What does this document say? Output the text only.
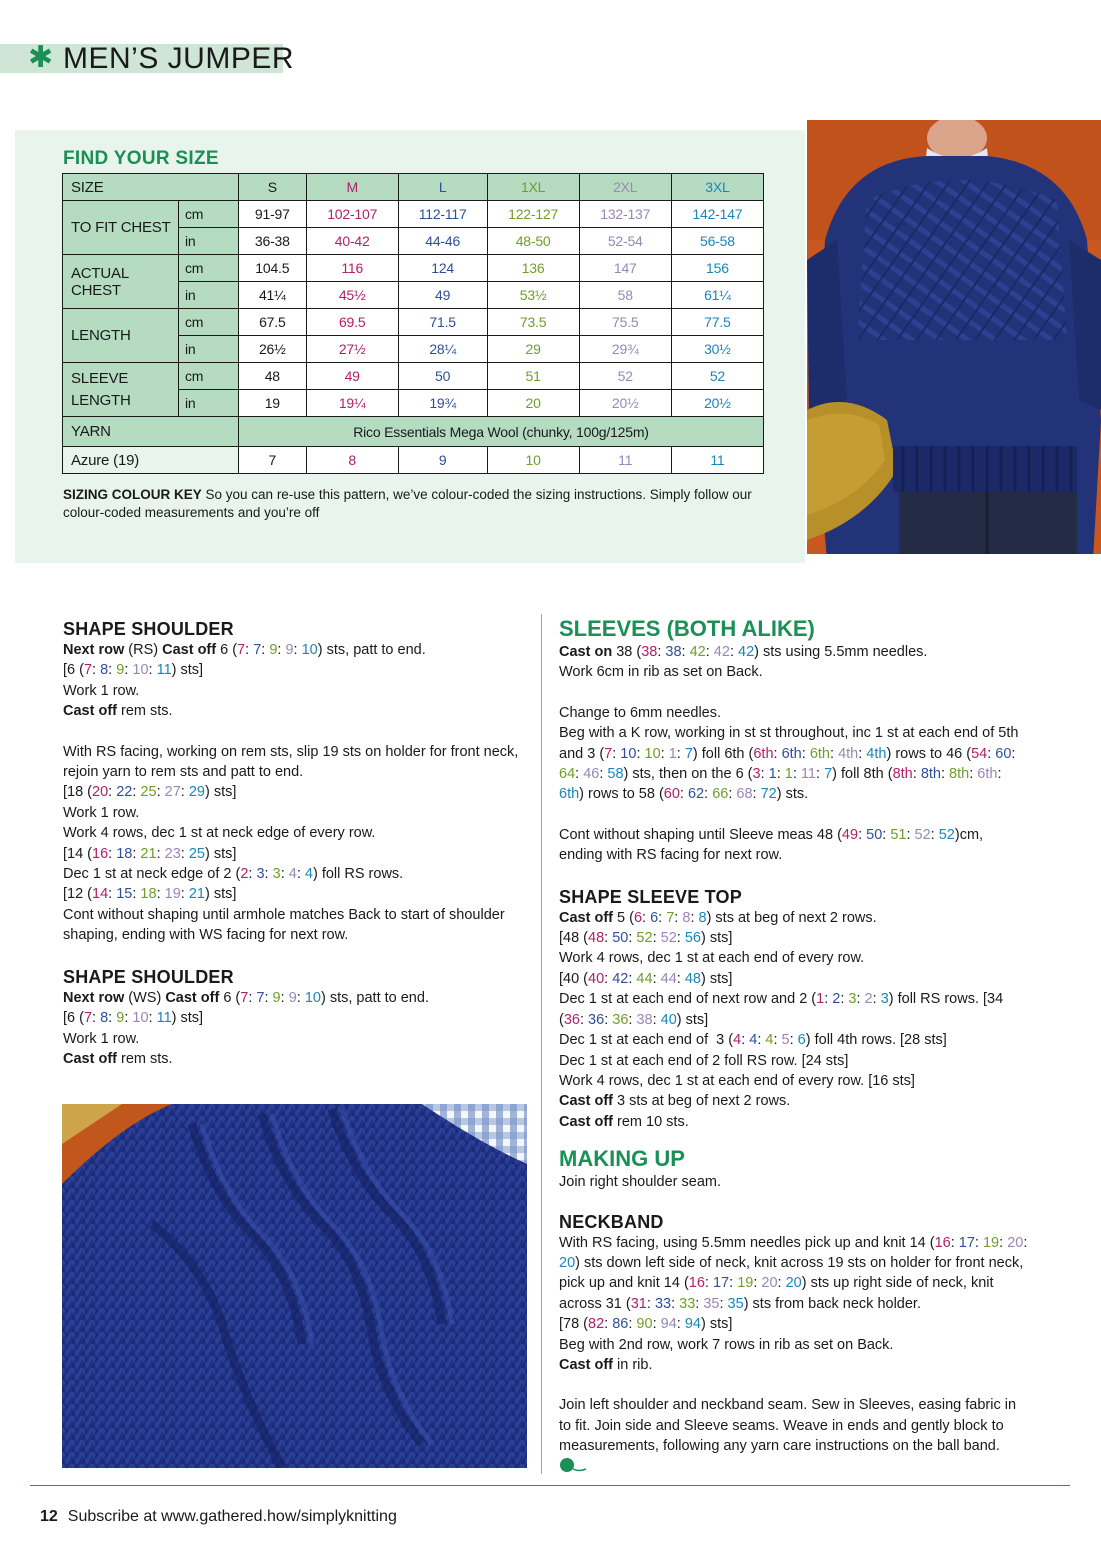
✱ MEN’S JUMPER
FIND YOUR SIZE
SIZE		S	M	L	1XL	2XL	3XL
TO FIT CHEST	cm	91-97	102-107	112-117	122-127	132-137	142-147
	in	36-38	40-42	44-46	48-50	52-54	56-58
ACTUAL CHEST	cm	104.5	116	124	136	147	156
	in	41¼	45½	49	53½	58	61¼
LENGTH	cm	67.5	69.5	71.5	73.5	75.5	77.5
	in	26½	27½	28¼	29	29¾	30½
SLEEVE LENGTH	cm	48	49	50	51	52	52
	in	19	19¼	19¾	20	20½	20½
YARN		Rico Essentials Mega Wool (chunky, 100g/125m)					
Azure (19)		7	8	9	10	11	11
SIZING COLOUR KEY So you can re-use this pattern, we’ve colour-coded the sizing instructions. Simply follow our colour-coded measurements and you’re off
SHAPE SHOULDER

Next row (RS) Cast off 6 (7: 7: 9: 9: 10) sts, patt to end.

[6 (7: 8: 9: 10: 11) sts]

Work 1 row.

Cast off rem sts.

With RS facing, working on rem sts, slip 19 sts on holder for front neck, rejoin yarn to rem sts and patt to end.

[18 (20: 22: 25: 27: 29) sts]

Work 1 row.

Work 4 rows, dec 1 st at neck edge of every row.

[14 (16: 18: 21: 23: 25) sts]

Dec 1 st at neck edge of 2 (2: 3: 3: 4: 4) foll RS rows.

[12 (14: 15: 18: 19: 21) sts]

Cont without shaping until armhole matches Back to start of shoulder shaping, ending with WS facing for next row.

SHAPE SHOULDER

Next row (WS) Cast off 6 (7: 7: 9: 9: 10) sts, patt to end.

[6 (7: 8: 9: 10: 11) sts]

Work 1 row.

Cast off rem sts.

SLEEVES (BOTH ALIKE)

Cast on 38 (38: 38: 42: 42: 42) sts using 5.5mm needles.

Work 6cm in rib as set on Back.

Change to 6mm needles.

Beg with a K row, working in st st throughout, inc 1 st at each end of 5th and 3 (7: 10: 10: 1: 7) foll 6th (6th: 6th: 6th: 4th: 4th) rows to 46 (54: 60: 64: 46: 58) sts, then on the 6 (3: 1: 1: 11: 7) foll 8th (8th: 8th: 8th: 6th: 6th) rows to 58 (60: 62: 66: 68: 72) sts.

Cont without shaping until Sleeve meas 48 (49: 50: 51: 52: 52)cm, ending with RS facing for next row.

SHAPE SLEEVE TOP

Cast off 5 (6: 6: 7: 8: 8) sts at beg of next 2 rows.

[48 (48: 50: 52: 52: 56) sts]

Work 4 rows, dec 1 st at each end of every row.

[40 (40: 42: 44: 44: 48) sts]

Dec 1 st at each end of next row and 2 (1: 2: 3: 2: 3) foll RS rows. [34 (36: 36: 36: 38: 40) sts]

Dec 1 st at each end of  3 (4: 4: 4: 5: 6) foll 4th rows. [28 sts]

Dec 1 st at each end of 2 foll RS row. [24 sts]

Work 4 rows, dec 1 st at each end of every row. [16 sts]

Cast off 3 sts at beg of next 2 rows.

Cast off rem 10 sts.

MAKING UP

Join right shoulder seam.

NECKBAND

With RS facing, using 5.5mm needles pick up and knit 14 (16: 17: 19: 20: 20) sts down left side of neck, knit across 19 sts on holder for front neck, pick up and knit 14 (16: 17: 19: 20: 20) sts up right side of neck, knit across 31 (31: 33: 33: 35: 35) sts from back neck holder.

[78 (82: 86: 90: 94: 94) sts]

Beg with 2nd row, work 7 rows in rib as set on Back.

Cast off in rib.

Join left shoulder and neckband seam. Sew in Sleeves, easing fabric in to fit. Join side and Sleeve seams. Weave in ends and gently block to measurements, following any yarn care instructions on the ball band.

12 Subscribe at www.gathered.how/simplyknitting
